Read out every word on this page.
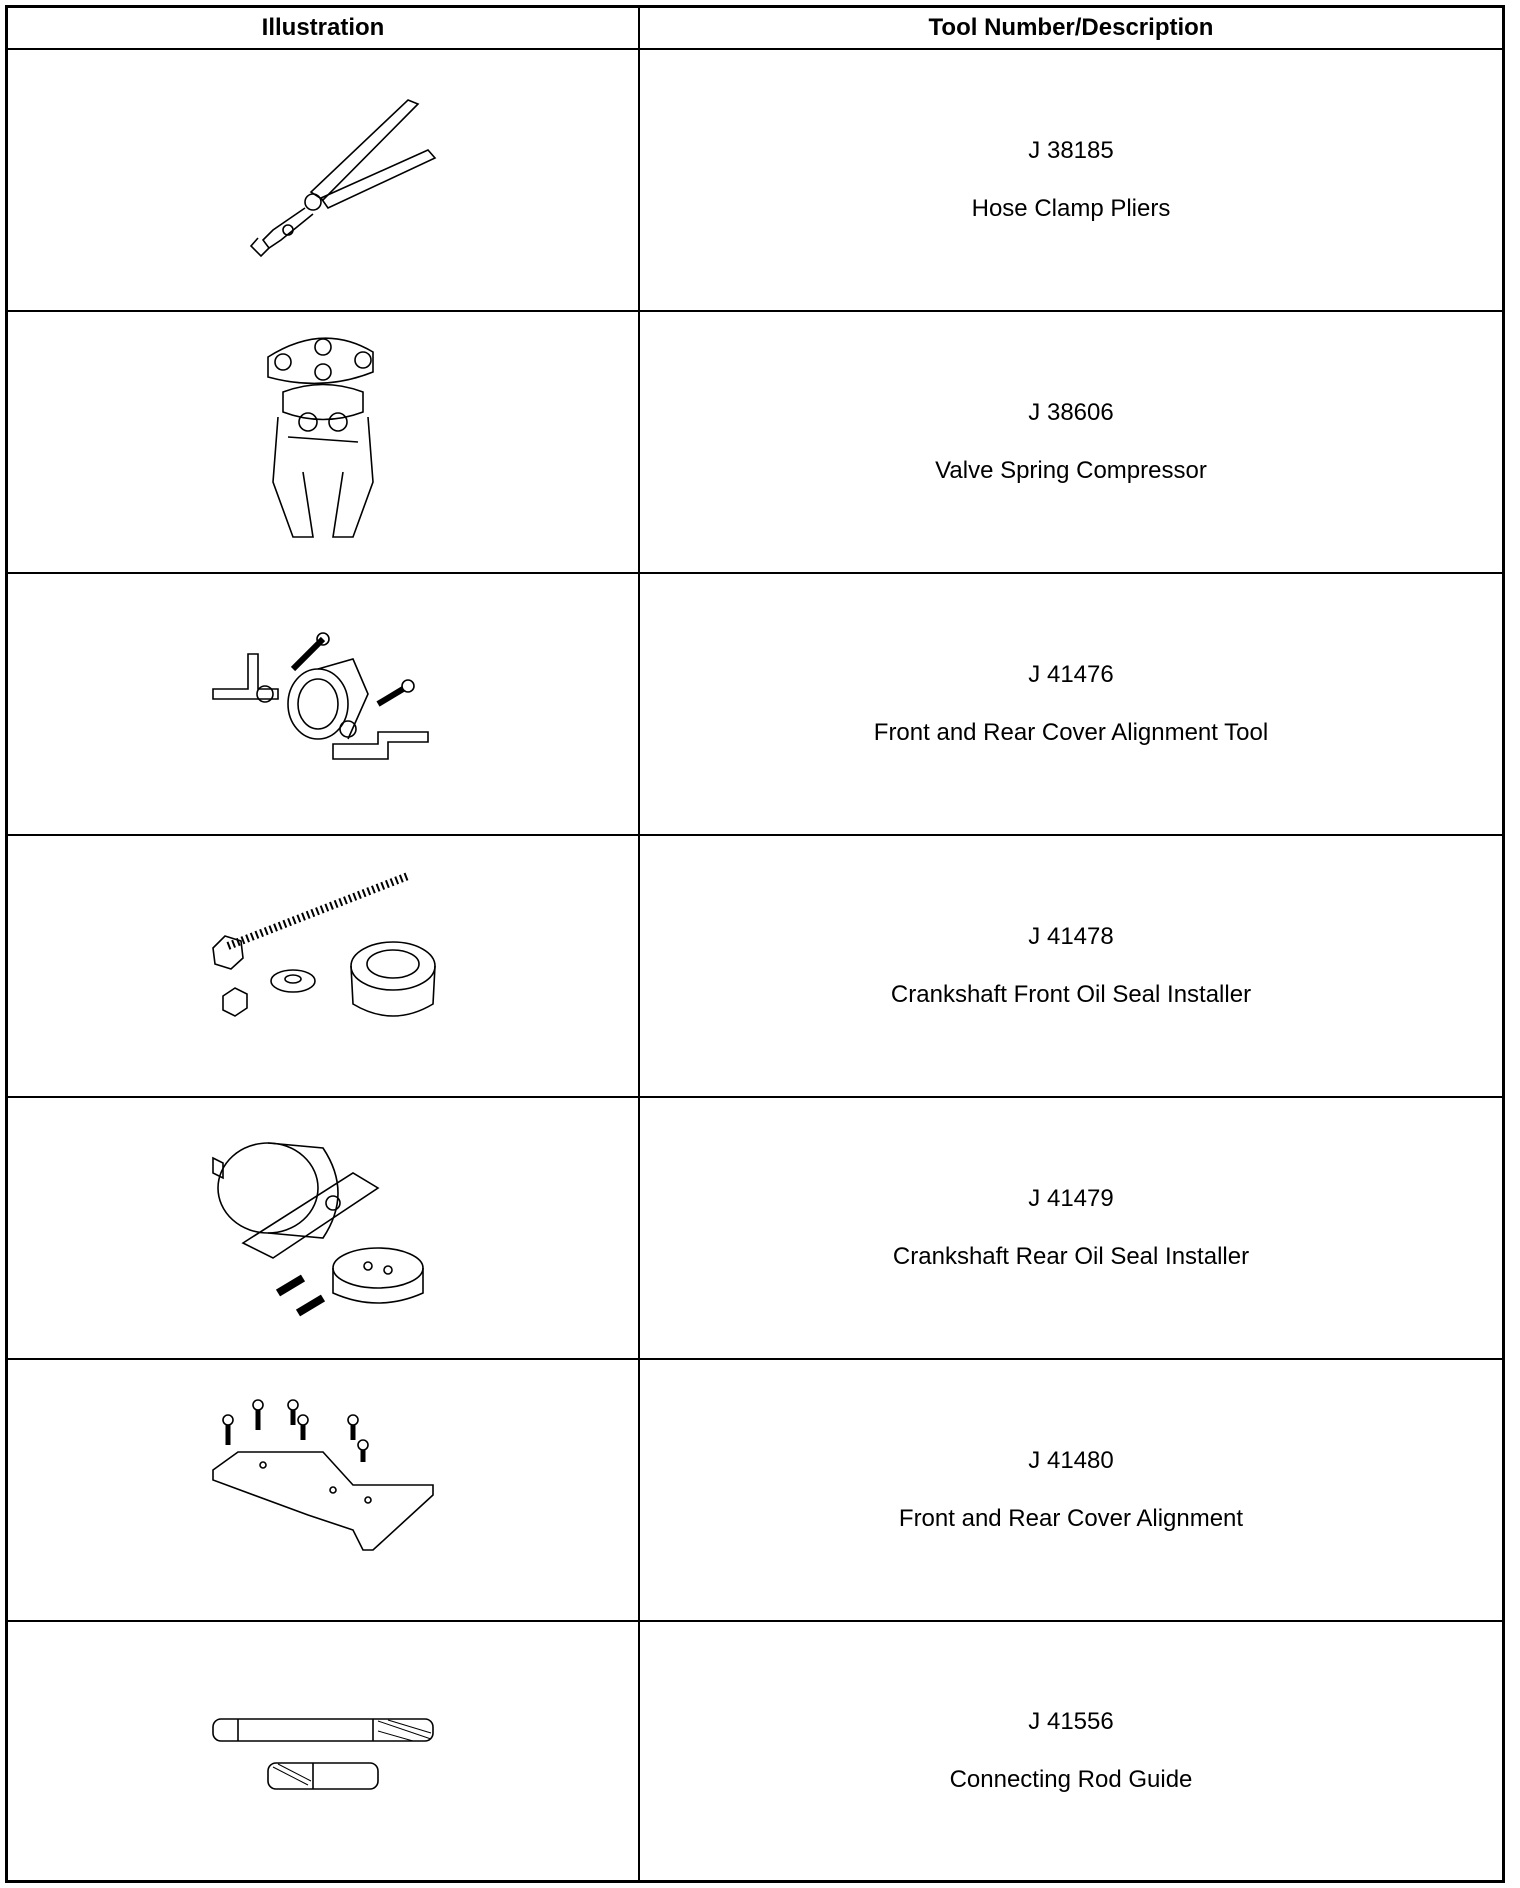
Illustration	Tool Number/Description
J 38185
Hose Clamp Pliers
J 38606
Valve Spring Compressor
J 41476
Front and Rear Cover Alignment Tool
J 41478
Crankshaft Front Oil Seal Installer
J 41479
Crankshaft Rear Oil Seal Installer
J 41480
Front and Rear Cover Alignment
J 41556
Connecting Rod Guide
